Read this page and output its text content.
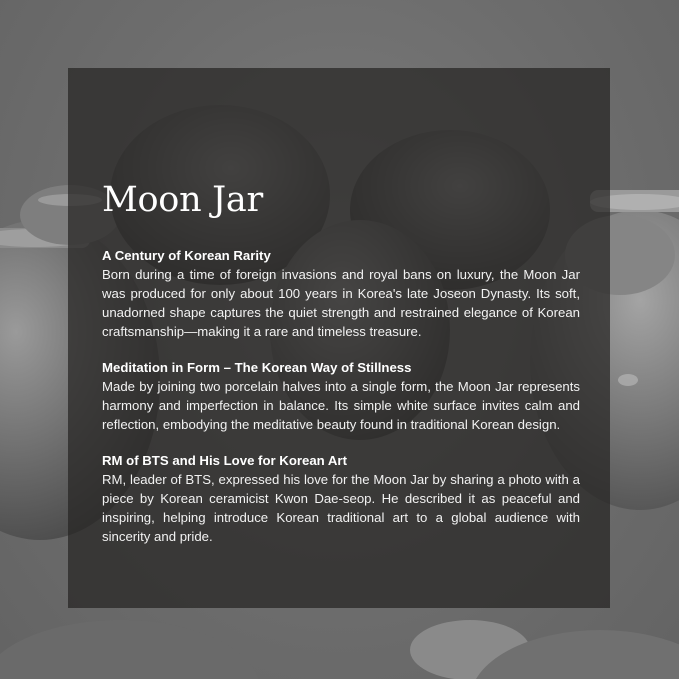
Moon Jar

A Century of Korean Rarity

Born during a time of foreign invasions and royal bans on luxury, the Moon Jar was produced for only about 100 years in Korea's late Joseon Dynasty. Its soft, unadorned shape captures the quiet strength and restrained elegance of Korean craftsmanship—making it a rare and timeless treasure.

Meditation in Form – The Korean Way of Stillness

Made by joining two porcelain halves into a single form, the Moon Jar represents harmony and imperfection in balance. Its simple white surface invites calm and reflection, embodying the meditative beauty found in traditional Korean design.

RM of BTS and His Love for Korean Art

RM, leader of BTS, expressed his love for the Moon Jar by sharing a photo with a piece by Korean ceramicist Kwon Dae-seop. He described it as peaceful and inspiring, helping introduce Korean traditional art to a global audience with sincerity and pride.
